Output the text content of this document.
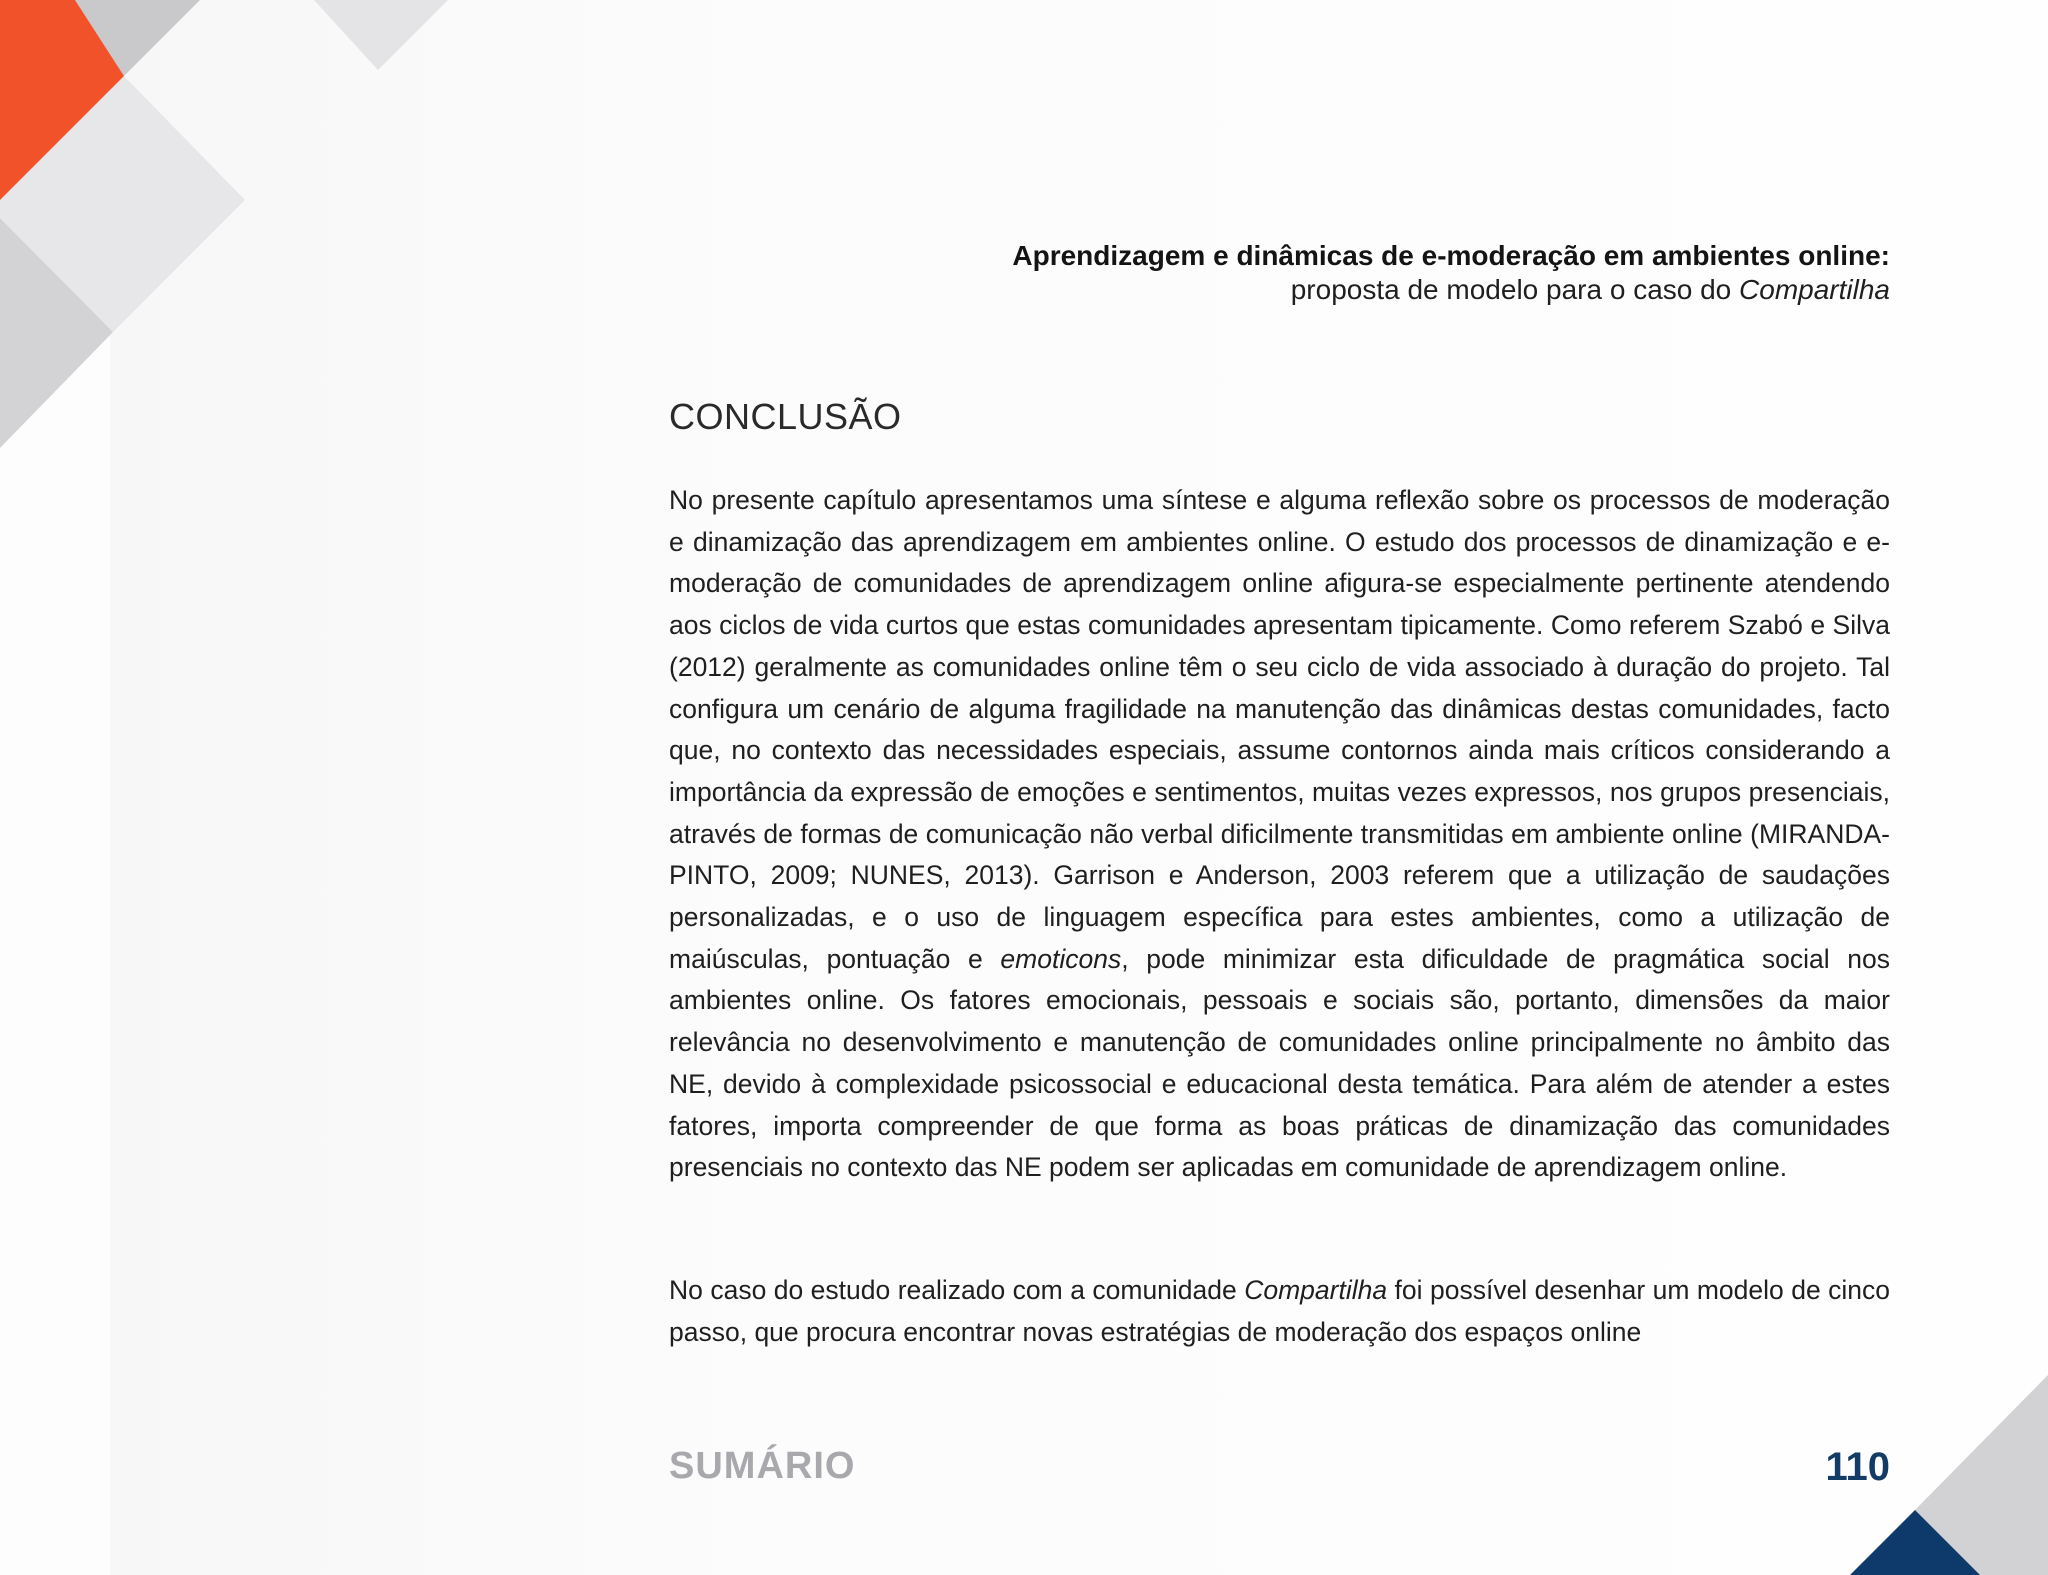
Aprendizagem e dinâmicas de e-moderação em ambientes online:
proposta de modelo para o caso do Compartilha
CONCLUSÃO

No presente capítulo apresentamos uma síntese e alguma reflexão sobre os processos de moderação e dinamização das aprendizagem em ambientes online. O estudo dos processos de dinamização e e-moderação de comunidades de aprendizagem online afigura-se especialmente pertinente atendendo aos ciclos de vida curtos que estas comunidades apresentam tipicamente. Como referem Szabó e Silva (2012) geralmente as comunidades online têm o seu ciclo de vida associado à duração do projeto. Tal configura um cenário de alguma fragilidade na manutenção das dinâmicas destas comunidades, facto que, no contexto das necessidades especiais, assume contornos ainda mais críticos considerando a importância da expressão de emoções e sentimentos, muitas vezes expressos, nos grupos presenciais, através de formas de comunicação não verbal dificilmente transmitidas em ambiente online (MIRANDA-PINTO, 2009; NUNES, 2013). Garrison e Anderson, 2003 referem que a utilização de saudações personalizadas, e o uso de linguagem específica para estes ambientes, como a utilização de maiúsculas, pontuação e emoticons, pode minimizar esta dificuldade de pragmática social nos ambientes online. Os fatores emocionais, pessoais e sociais são, portanto, dimensões da maior relevância no desenvolvimento e manutenção de comunidades online principalmente no âmbito das NE, devido à complexidade psicossocial e educacional desta temática. Para além de atender a estes fatores, importa compreender de que forma as boas práticas de dinamização das comunidades presenciais no contexto das NE podem ser aplicadas em comunidade de aprendizagem online.

No caso do estudo realizado com a comunidade Compartilha foi possível desenhar um modelo de cinco passo, que procura encontrar novas estratégias de moderação dos espaços online

SUMÁRIO	110
